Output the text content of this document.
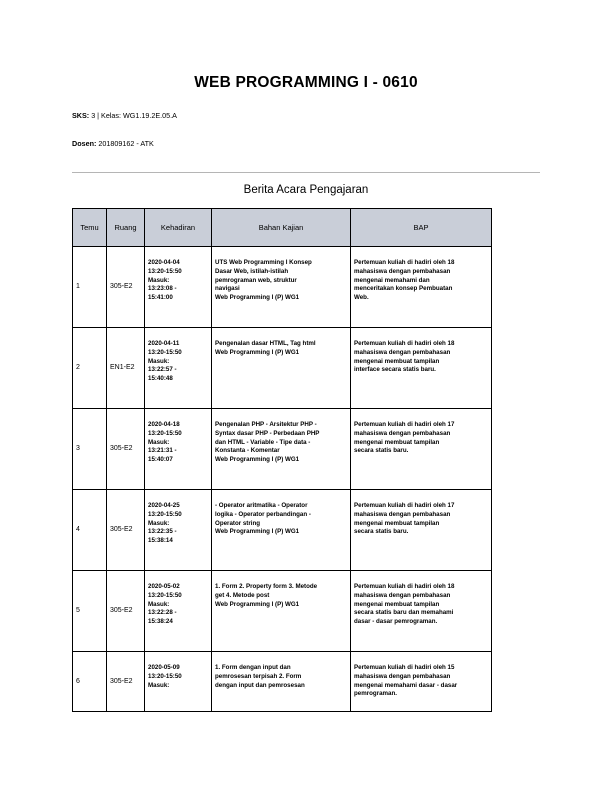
WEB PROGRAMMING I - 0610
SKS: 3 | Kelas: WG1.19.2E.05.A
Dosen: 201809162 - ATK
Berita Acara Pengajaran
Temu	Ruang	Kehadiran	Bahan Kajian	BAP
1	305-E2	2020-04-04
13:20-15:50
Masuk:
13:23:08 -
15:41:00	UTS Web Programming I Konsep
Dasar Web, istilah-istilah
pemrograman web, struktur
navigasi
Web Programming I (P) WG1	Pertemuan kuliah di hadiri oleh 18
mahasiswa dengan pembahasan
mengenai memahami dan
menceritakan konsep Pembuatan
Web.

2	EN1-E2	2020-04-11
13:20-15:50
Masuk:
13:22:57 -
15:40:48	Pengenalan dasar HTML, Tag html
Web Programming I (P) WG1	Pertemuan kuliah di hadiri oleh 18
mahasiswa dengan pembahasan
mengenai membuat tampilan
interface secara statis baru.

3	305-E2	2020-04-18
13:20-15:50
Masuk:
13:21:31 -
15:40:07	Pengenalan PHP - Arsitektur PHP -
Syntax dasar PHP - Perbedaan PHP
dan HTML - Variable - Tipe data -
Konstanta - Komentar
Web Programming I (P) WG1	Pertemuan kuliah di hadiri oleh 17
mahasiswa dengan pembahasan
mengenai membuat tampilan
secara statis baru.

4	305-E2	2020-04-25
13:20-15:50
Masuk:
13:22:35 -
15:38:14	- Operator aritmatika - Operator
logika - Operator perbandingan -
Operator string
Web Programming I (P) WG1	Pertemuan kuliah di hadiri oleh 17
mahasiswa dengan pembahasan
mengenai membuat tampilan
secara statis baru.

5	305-E2	2020-05-02
13:20-15:50
Masuk:
13:22:28 -
15:38:24	1. Form 2. Property form 3. Metode
get 4. Metode post
Web Programming I (P) WG1	Pertemuan kuliah di hadiri oleh 18
mahasiswa dengan pembahasan
mengenai membuat tampilan
secara statis baru dan memahami
dasar - dasar pemrograman.

6	305-E2	2020-05-09
13:20-15:50
Masuk:	1. Form dengan input dan
pemrosesan terpisah 2. Form
dengan input dan pemrosesan	Pertemuan kuliah di hadiri oleh 15
mahasiswa dengan pembahasan
mengenai memahami dasar - dasar
pemrograman.
